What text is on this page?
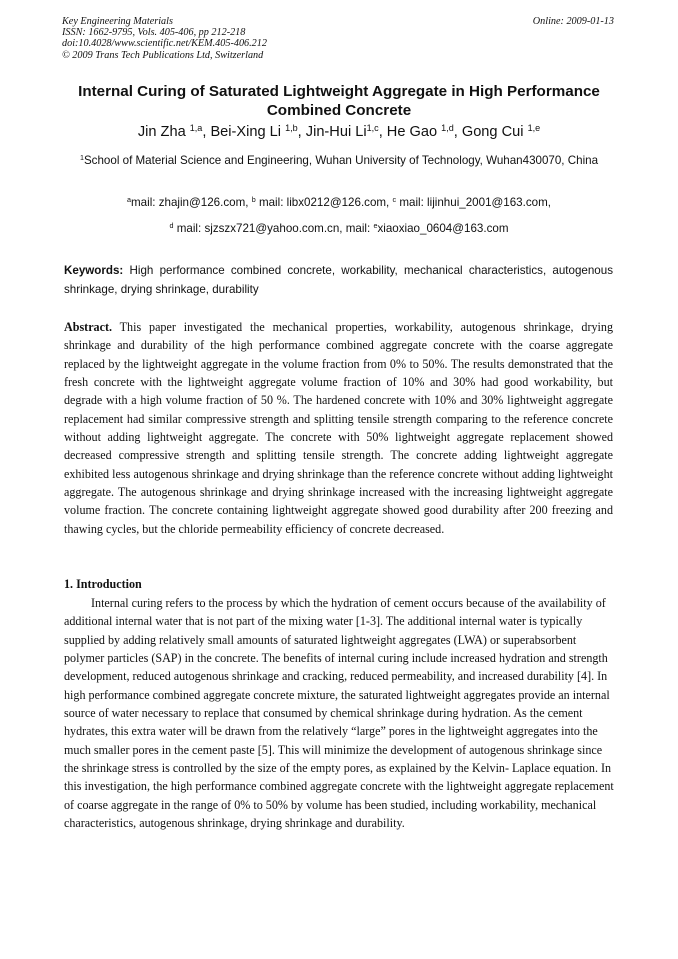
Key Engineering Materials
ISSN: 1662-9795, Vols. 405-406, pp 212-218
doi:10.4028/www.scientific.net/KEM.405-406.212
© 2009 Trans Tech Publications Ltd, Switzerland
Online: 2009-01-13
Internal Curing of Saturated Lightweight Aggregate in High Performance Combined Concrete
Jin Zha $^{1,a}$, Bei-Xing Li $^{1,b}$, Jin-Hui Li$^{1,c}$, He Gao $^{1,d}$, Gong Cui $^{1,e}$
$^1$School of Material Science and Engineering, Wuhan University of Technology, Wuhan430070, China
$^a$mail: zhajin@126.com, $^b$ mail: libx0212@126.com, $^c$ mail: lijinhui_2001@163.com,
$^d$ mail: sjzszx721@yahoo.com.cn, mail: $^e$xiaoxiao_0604@163.com
Keywords: High performance combined concrete, workability, mechanical characteristics, autogenous shrinkage, drying shrinkage, durability
Abstract. This paper investigated the mechanical properties, workability, autogenous shrinkage, drying shrinkage and durability of the high performance combined aggregate concrete with the coarse aggregate replaced by the lightweight aggregate in the volume fraction from 0% to 50%. The results demonstrated that the fresh concrete with the lightweight aggregate volume fraction of 10% and 30% had good workability, but degrade with a high volume fraction of 50 %. The hardened concrete with 10% and 30% lightweight aggregate replacement had similar compressive strength and splitting tensile strength comparing to the reference concrete without adding lightweight aggregate. The concrete with 50% lightweight aggregate replacement showed decreased compressive strength and splitting tensile strength. The concrete adding lightweight aggregate exhibited less autogenous shrinkage and drying shrinkage than the reference concrete without adding lightweight aggregate. The autogenous shrinkage and drying shrinkage increased with the increasing lightweight aggregate volume fraction. The concrete containing lightweight aggregate showed good durability after 200 freezing and thawing cycles, but the chloride permeability efficiency of concrete decreased.
1. Introduction
Internal curing refers to the process by which the hydration of cement occurs because of the availability of additional internal water that is not part of the mixing water [1-3]. The additional internal water is typically supplied by adding relatively small amounts of saturated lightweight aggregates (LWA) or superabsorbent polymer particles (SAP) in the concrete. The benefits of internal curing include increased hydration and strength development, reduced autogenous shrinkage and cracking, reduced permeability, and increased durability [4]. In high performance combined aggregate concrete mixture, the saturated lightweight aggregates provide an internal source of water necessary to replace that consumed by chemical shrinkage during hydration. As the cement hydrates, this extra water will be drawn from the relatively “large” pores in the lightweight aggregates into the much smaller pores in the cement paste [5]. This will minimize the development of autogenous shrinkage since the shrinkage stress is controlled by the size of the empty pores, as explained by the Kelvin- Laplace equation. In this investigation, the high performance combined aggregate concrete with the lightweight aggregate replacement of coarse aggregate in the range of 0% to 50% by volume has been studied, including workability, mechanical characteristics, autogenous shrinkage, drying shrinkage and durability.
